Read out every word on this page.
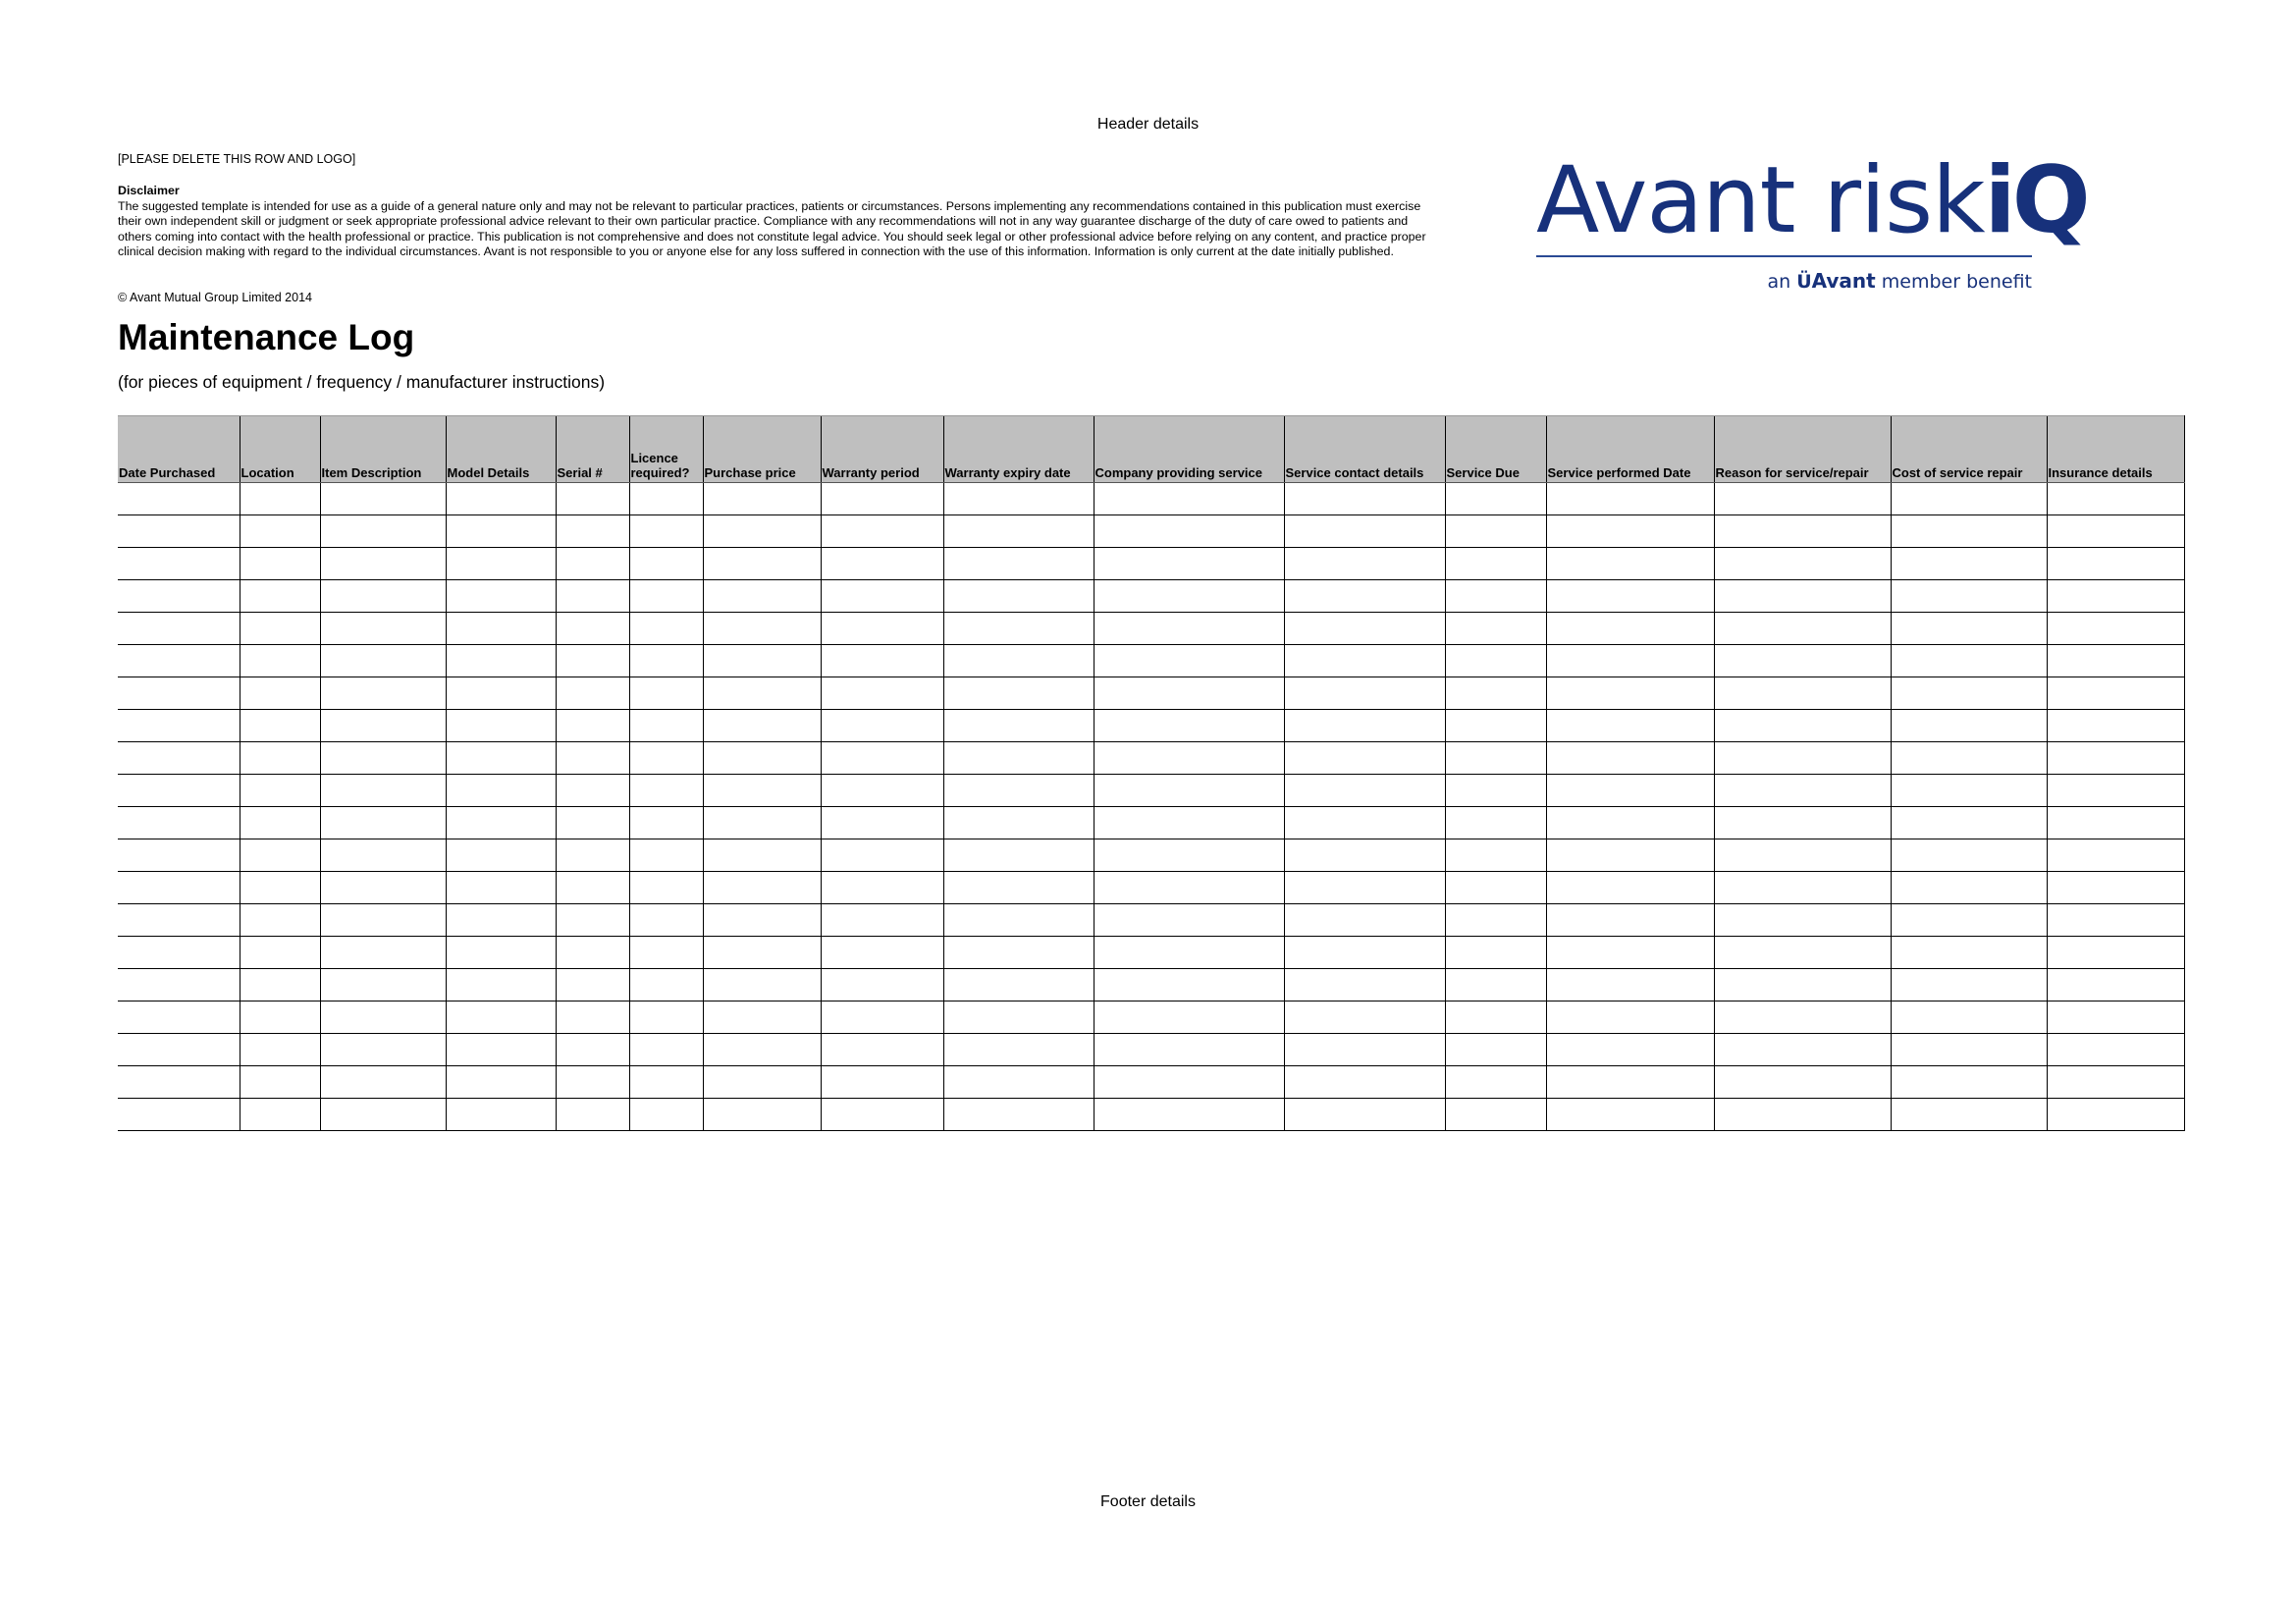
Header details
[PLEASE DELETE THIS ROW AND LOGO]
Disclaimer
The suggested template is intended for use as a guide of a general nature only and may not be relevant to particular practices, patients or circumstances. Persons implementing any recommendations contained in this publication must exercise their own independent skill or judgment or seek appropriate professional advice relevant to their own particular practice. Compliance with any recommendations will not in any way guarantee discharge of the duty of care owed to patients and others coming into contact with the health professional or practice. This publication is not comprehensive and does not constitute legal advice. You should seek legal or other professional advice before relying on any content, and practice proper clinical decision making with regard to the individual circumstances. Avant is not responsible to you or anyone else for any loss suffered in connection with the use of this information. Information is only current at the date initially published.
© Avant Mutual Group Limited 2014
Avant riskiQ
an ÜAvant member benefit
Maintenance Log
(for pieces of equipment / frequency / manufacturer instructions)
Date Purchased	Location	Item Description	Model Details	Serial #	Licence required?	Purchase price	Warranty period	Warranty expiry date	Company providing service	Service contact details	Service Due	Service performed Date	Reason for service/repair	Cost of service repair	Insurance details

Footer details
